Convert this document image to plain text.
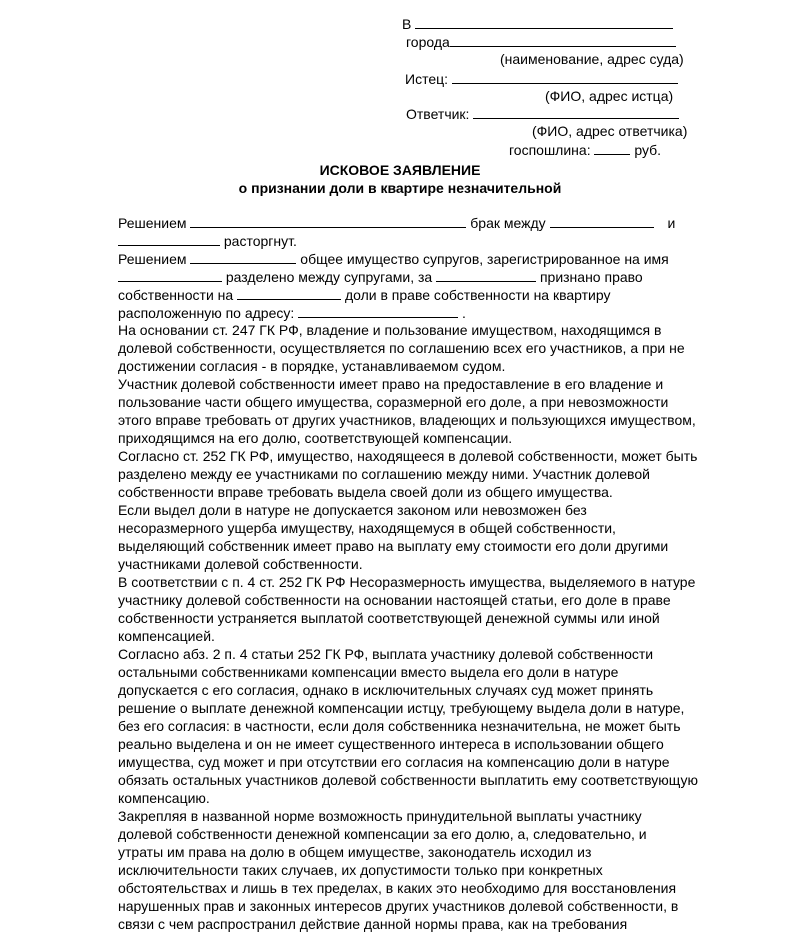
В
города
(наименование, адрес суда)
Истец:
(ФИО, адрес истца)
Ответчик:
(ФИО, адрес ответчика)
госпошлина:	руб.
ИСКОВОЕ ЗАЯВЛЕНИЕ
о признании доли в квартире незначительной
Решением	брак между	и
расторгнут.
Решением	общее имущество супругов, зарегистрированное на имя
разделено между супругами, за	признано право
собственности на	доли в праве собственности на квартиру
расположенную по адресу:	.
На основании ст. 247 ГК РФ, владение и пользование имуществом, находящимся в
долевой собственности, осуществляется по соглашению всех его участников, а при не
достижении согласия - в порядке, устанавливаемом судом.
Участник долевой собственности имеет право на предоставление в его владение и
пользование части общего имущества, соразмерной его доле, а при невозможности
этого вправе требовать от других участников, владеющих и пользующихся имуществом,
приходящимся на его долю, соответствующей компенсации.
Согласно ст. 252 ГК РФ, имущество, находящееся в долевой собственности, может быть
разделено между ее участниками по соглашению между ними. Участник долевой
собственности вправе требовать выдела своей доли из общего имущества.
Если выдел доли в натуре не допускается законом или невозможен без
несоразмерного ущерба имуществу, находящемуся в общей собственности,
выделяющий собственник имеет право на выплату ему стоимости его доли другими
участниками долевой собственности.
В соответствии с п. 4 ст. 252 ГК РФ Несоразмерность имущества, выделяемого в натуре
участнику долевой собственности на основании настоящей статьи, его доле в праве
собственности устраняется выплатой соответствующей денежной суммы или иной
компенсацией.
Согласно абз. 2 п. 4 статьи 252 ГК РФ, выплата участнику долевой собственности
остальными собственниками компенсации вместо выдела его доли в натуре
допускается с его согласия, однако в исключительных случаях суд может принять
решение о выплате денежной компенсации истцу, требующему выдела доли в натуре,
без его согласия: в частности, если доля собственника незначительна, не может быть
реально выделена и он не имеет существенного интереса в использовании общего
имущества, суд может и при отсутствии его согласия на компенсацию доли в натуре
обязать остальных участников долевой собственности выплатить ему соответствующую
компенсацию.
Закрепляя в названной норме возможность принудительной выплаты участнику
долевой собственности денежной компенсации за его долю, а, следовательно, и
утраты им права на долю в общем имуществе, законодатель исходил из
исключительности таких случаев, их допустимости только при конкретных
обстоятельствах и лишь в тех пределах, в каких это необходимо для восстановления
нарушенных прав и законных интересов других участников долевой собственности, в
связи с чем распространил действие данной нормы права, как на требования
